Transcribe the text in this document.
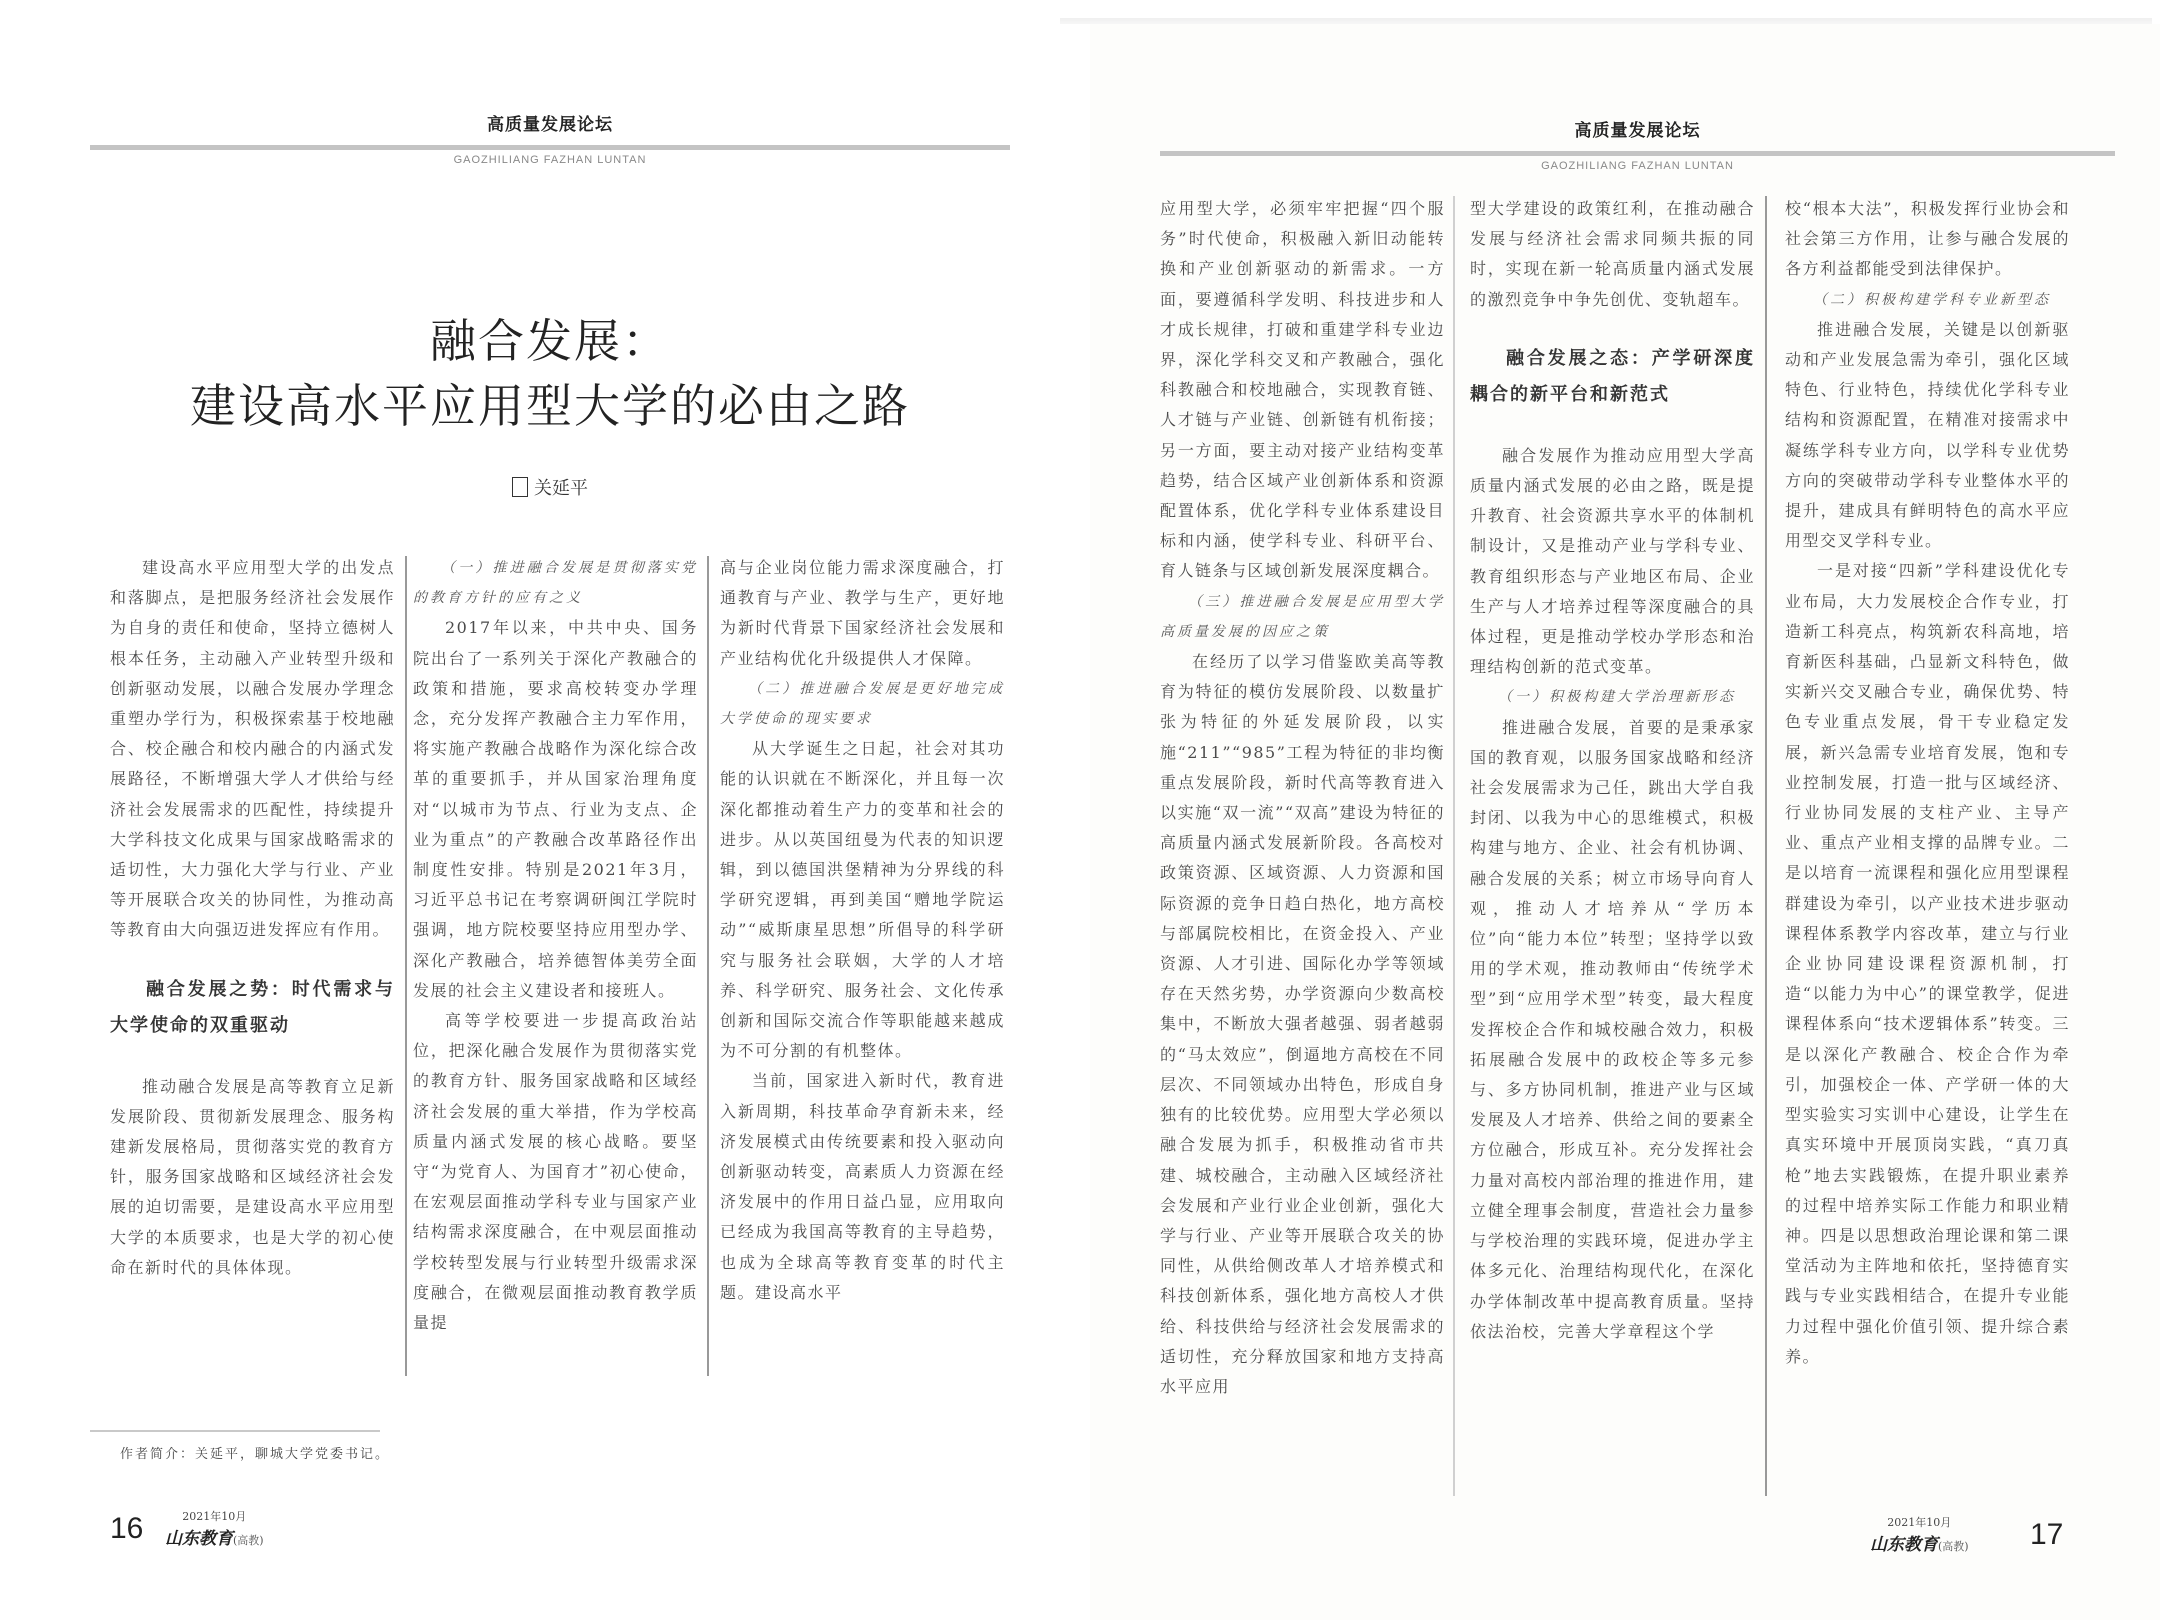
高质量发展论坛
GAOZHILIANG FAZHAN LUNTAN
融合发展：
建设高水平应用型大学的必由之路
关延平

建设高水平应用型大学的出发点和落脚点，是把服务经济社会发展作为自身的责任和使命，坚持立德树人根本任务，主动融入产业转型升级和创新驱动发展，以融合发展办学理念重塑办学行为，积极探索基于校地融合、校企融合和校内融合的内涵式发展路径，不断增强大学人才供给与经济社会发展需求的匹配性，持续提升大学科技文化成果与国家战略需求的适切性，大力强化大学与行业、产业等开展联合攻关的协同性，为推动高等教育由大向强迈进发挥应有作用。

融合发展之势：时代需求与大学使命的双重驱动

推动融合发展是高等教育立足新发展阶段、贯彻新发展理念、服务构建新发展格局，贯彻落实党的教育方针，服务国家战略和区域经济社会发展的迫切需要，是建设高水平应用型大学的本质要求，也是大学的初心使命在新时代的具体体现。

（一）推进融合发展是贯彻落实党的教育方针的应有之义

2017年以来，中共中央、国务院出台了一系列关于深化产教融合的政策和措施，要求高校转变办学理念，充分发挥产教融合主力军作用，将实施产教融合战略作为深化综合改革的重要抓手，并从国家治理角度对“以城市为节点、行业为支点、企业为重点”的产教融合改革路径作出制度性安排。特别是2021年3月，习近平总书记在考察调研闽江学院时强调，地方院校要坚持应用型办学、深化产教融合，培养德智体美劳全面发展的社会主义建设者和接班人。

高等学校要进一步提高政治站位，把深化融合发展作为贯彻落实党的教育方针、服务国家战略和区域经济社会发展的重大举措，作为学校高质量内涵式发展的核心战略。要坚守“为党育人、为国育才”初心使命，在宏观层面推动学科专业与国家产业结构需求深度融合，在中观层面推动学校转型发展与行业转型升级需求深度融合，在微观层面推动教育教学质量提

高与企业岗位能力需求深度融合，打通教育与产业、教学与生产，更好地为新时代背景下国家经济社会发展和产业结构优化升级提供人才保障。

（二）推进融合发展是更好地完成大学使命的现实要求

从大学诞生之日起，社会对其功能的认识就在不断深化，并且每一次深化都推动着生产力的变革和社会的进步。从以英国纽曼为代表的知识逻辑，到以德国洪堡精神为分界线的科学研究逻辑，再到美国“赠地学院运动”“威斯康星思想”所倡导的科学研究与服务社会联姻，大学的人才培养、科学研究、服务社会、文化传承创新和国际交流合作等职能越来越成为不可分割的有机整体。

当前，国家进入新时代，教育进入新周期，科技革命孕育新未来，经济发展模式由传统要素和投入驱动向创新驱动转变，高素质人力资源在经济发展中的作用日益凸显，应用取向已经成为我国高等教育的主导趋势，也成为全球高等教育变革的时代主题。建设高水平

作者简介：关延平，聊城大学党委书记。
16	2021年10月
山东教育(高教)
高质量发展论坛
GAOZHILIANG FAZHAN LUNTAN

应用型大学，必须牢牢把握“四个服务”时代使命，积极融入新旧动能转换和产业创新驱动的新需求。一方面，要遵循科学发明、科技进步和人才成长规律，打破和重建学科专业边界，深化学科交叉和产教融合，强化科教融合和校地融合，实现教育链、人才链与产业链、创新链有机衔接；另一方面，要主动对接产业结构变革趋势，结合区域产业创新体系和资源配置体系，优化学科专业体系建设目标和内涵，使学科专业、科研平台、育人链条与区域创新发展深度耦合。

（三）推进融合发展是应用型大学高质量发展的因应之策

在经历了以学习借鉴欧美高等教育为特征的模仿发展阶段、以数量扩张为特征的外延发展阶段，以实施“211”“985”工程为特征的非均衡重点发展阶段，新时代高等教育进入以实施“双一流”“双高”建设为特征的高质量内涵式发展新阶段。各高校对政策资源、区域资源、人力资源和国际资源的竞争日趋白热化，地方高校与部属院校相比，在资金投入、产业资源、人才引进、国际化办学等领域存在天然劣势，办学资源向少数高校集中，不断放大强者越强、弱者越弱的“马太效应”，倒逼地方高校在不同层次、不同领域办出特色，形成自身独有的比较优势。应用型大学必须以融合发展为抓手，积极推动省市共建、城校融合，主动融入区域经济社会发展和产业行业企业创新，强化大学与行业、产业等开展联合攻关的协同性，从供给侧改革人才培养模式和科技创新体系，强化地方高校人才供给、科技供给与经济社会发展需求的适切性，充分释放国家和地方支持高水平应用

型大学建设的政策红利，在推动融合发展与经济社会需求同频共振的同时，实现在新一轮高质量内涵式发展的激烈竞争中争先创优、变轨超车。

融合发展之态：产学研深度耦合的新平台和新范式

融合发展作为推动应用型大学高质量内涵式发展的必由之路，既是提升教育、社会资源共享水平的体制机制设计，又是推动产业与学科专业、教育组织形态与产业地区布局、企业生产与人才培养过程等深度融合的具体过程，更是推动学校办学形态和治理结构创新的范式变革。

（一）积极构建大学治理新形态

推进融合发展，首要的是秉承家国的教育观，以服务国家战略和经济社会发展需求为己任，跳出大学自我封闭、以我为中心的思维模式，积极构建与地方、企业、社会有机协调、融合发展的关系；树立市场导向育人观，推动人才培养从“学历本位”向“能力本位”转型；坚持学以致用的学术观，推动教师由“传统学术型”到“应用学术型”转变，最大程度发挥校企合作和城校融合效力，积极拓展融合发展中的政校企等多元参与、多方协同机制，推进产业与区域发展及人才培养、供给之间的要素全方位融合，形成互补。充分发挥社会力量对高校内部治理的推进作用，建立健全理事会制度，营造社会力量参与学校治理的实践环境，促进办学主体多元化、治理结构现代化，在深化办学体制改革中提高教育质量。坚持依法治校，完善大学章程这个学

校“根本大法”，积极发挥行业协会和社会第三方作用，让参与融合发展的各方利益都能受到法律保护。

（二）积极构建学科专业新型态

推进融合发展，关键是以创新驱动和产业发展急需为牵引，强化区域特色、行业特色，持续优化学科专业结构和资源配置，在精准对接需求中凝练学科专业方向，以学科专业优势方向的突破带动学科专业整体水平的提升，建成具有鲜明特色的高水平应用型交叉学科专业。

一是对接“四新”学科建设优化专业布局，大力发展校企合作专业，打造新工科亮点，构筑新农科高地，培育新医科基础，凸显新文科特色，做实新兴交叉融合专业，确保优势、特色专业重点发展，骨干专业稳定发展，新兴急需专业培育发展，饱和专业控制发展，打造一批与区域经济、行业协同发展的支柱产业、主导产业、重点产业相支撑的品牌专业。二是以培育一流课程和强化应用型课程群建设为牵引，以产业技术进步驱动课程体系教学内容改革，建立与行业企业协同建设课程资源机制，打造“以能力为中心”的课堂教学，促进课程体系向“技术逻辑体系”转变。三是以深化产教融合、校企合作为牵引，加强校企一体、产学研一体的大型实验实习实训中心建设，让学生在真实环境中开展顶岗实践，“真刀真枪”地去实践锻炼，在提升职业素养的过程中培养实际工作能力和职业精神。四是以思想政治理论课和第二课堂活动为主阵地和依托，坚持德育实践与专业实践相结合，在提升专业能力过程中强化价值引领、提升综合素养。

2021年10月
山东教育(高教) 17
